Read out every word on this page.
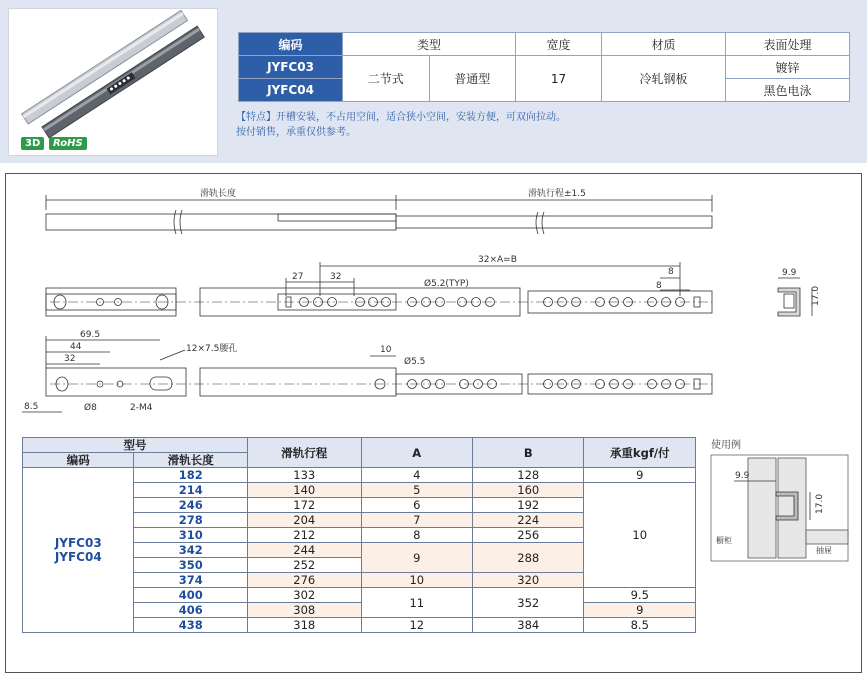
3D	RoHS
编码	类型		宽度	材质	表面处理
JYFC03	二节式	普通型	17	冷轧钢板	镀锌
JYFC04					黑色电泳
【特点】开槽安装，不占用空间，适合狭小空间，安装方便，可双向拉动。
按付销售，承重仅供参考。
滑轨长度	滑轨行程±1.5
32×A=B
27	32	8
8
Ø5.2(TYP)
9.9
17.0
69.5
44
32
12×7.5腰孔	10
Ø5.5
8.5	Ø8	2-M4
9.9
17.0
橱柜
抽屉
使用例
型号		滑轨行程	A	B	承重kgf/付
编码	滑轨长度				

JYFC03
JYFC04	182	133	4	128	9
	214	140	5	160	10
	246	172	6	192	
	278	204	7	224	
	310	212	8	256	
	342	244	9	288	
	350	252			
	374	276	10	320	
	400	302	11	352	9.5
	406	308			9
	438	318	12	384	8.5
